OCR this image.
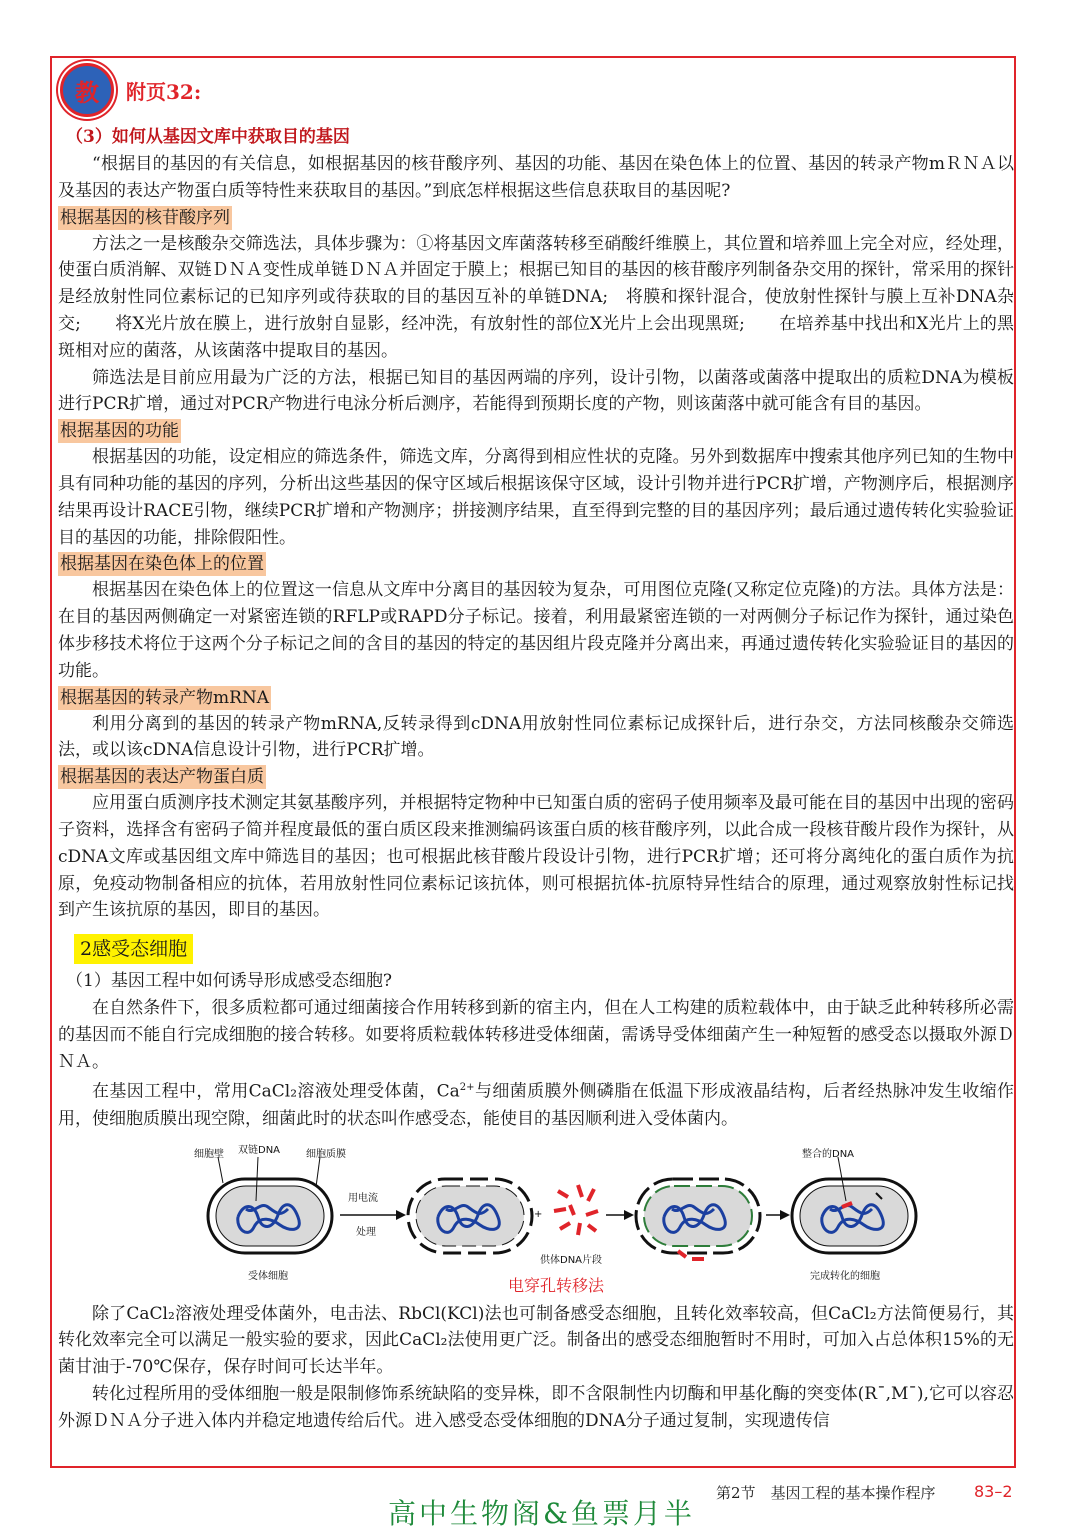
教 附页32:
（3）如何从基因文库中获取目的基因

“根据目的基因的有关信息，如根据基因的核苷酸序列、基因的功能、基因在染色体上的位置、基因的转录产物mＲＮＡ以及基因的表达产物蛋白质等特性来获取目的基因。”到底怎样根据这些信息获取目的基因呢?

根据基因的核苷酸序列

方法之一是核酸杂交筛选法，具体步骤为：①将基因文库菌落转移至硝酸纤维膜上，其位置和培养皿上完全对应，经处理，使蛋白质消解、双链ＤＮＡ变性成单链ＤＮＡ并固定于膜上；根据已知目的基因的核苷酸序列制备杂交用的探针，常采用的探针是经放射性同位素标记的已知序列或待获取的目的基因互补的单链DNA;　将膜和探针混合，使放射性探针与膜上互补DNA杂交;　　将X光片放在膜上，进行放射自显影，经冲洗，有放射性的部位X光片上会出现黑斑;　　在培养基中找出和X光片上的黑斑相对应的菌落，从该菌落中提取目的基因。

筛选法是目前应用最为广泛的方法，根据已知目的基因两端的序列，设计引物，以菌落或菌落中提取出的质粒DNA为模板进行PCR扩增，通过对PCR产物进行电泳分析后测序，若能得到预期长度的产物，则该菌落中就可能含有目的基因。

根据基因的功能

根据基因的功能，设定相应的筛选条件，筛选文库，分离得到相应性状的克隆。另外到数据库中搜索其他序列已知的生物中具有同种功能的基因的序列，分析出这些基因的保守区域后根据该保守区域，设计引物并进行PCR扩增，产物测序后，根据测序结果再设计RACE引物，继续PCR扩增和产物测序；拼接测序结果，直至得到完整的目的基因序列；最后通过遗传转化实验验证目的基因的功能，排除假阳性。

根据基因在染色体上的位置

根据基因在染色体上的位置这一信息从文库中分离目的基因较为复杂，可用图位克隆(又称定位克隆)的方法。具体方法是：在目的基因两侧确定一对紧密连锁的RFLP或RAPD分子标记。接着，利用最紧密连锁的一对两侧分子标记作为探针，通过染色体步移技术将位于这两个分子标记之间的含目的基因的特定的基因组片段克隆并分离出来，再通过遗传转化实验验证目的基因的功能。

根据基因的转录产物mRNA

利用分离到的基因的转录产物mRNA,反转录得到cDNA用放射性同位素标记成探针后，进行杂交，方法同核酸杂交筛选法，或以该cDNA信息设计引物，进行PCR扩增。

根据基因的表达产物蛋白质

应用蛋白质测序技术测定其氨基酸序列，并根据特定物种中已知蛋白质的密码子使用频率及最可能在目的基因中出现的密码子资料，选择含有密码子简并程度最低的蛋白质区段来推测编码该蛋白质的核苷酸序列，以此合成一段核苷酸片段作为探针，从cDNA文库或基因组文库中筛选目的基因；也可根据此核苷酸片段设计引物，进行PCR扩增；还可将分离纯化的蛋白质作为抗原，免疫动物制备相应的抗体，若用放射性同位素标记该抗体，则可根据抗体-抗原特异性结合的原理，通过观察放射性标记找到产生该抗原的基因，即目的基因。

2感受态细胞
（1）基因工程中如何诱导形成感受态细胞?

在自然条件下，很多质粒都可通过细菌接合作用转移到新的宿主内，但在人工构建的质粒载体中，由于缺乏此种转移所必需的基因而不能自行完成细胞的接合转移。如要将质粒载体转移进受体细菌，需诱导受体细菌产生一种短暂的感受态以摄取外源ＤＮＡ。

在基因工程中，常用CaCl₂溶液处理受体菌，$Ca^{2+}$与细菌质膜外侧磷脂在低温下形成液晶结构，后者经热脉冲发生收缩作用，使细胞质膜出现空隙，细菌此时的状态叫作感受态，能使目的基因顺利进入受体菌内。

细胞壁 双链DNA	细胞质膜	整合的DNA
用电流
处理
+
供体DNA片段
受体细胞	完成转化的细胞
电穿孔转移法

除了CaCl₂溶液处理受体菌外，电击法、RbCl(KCl)法也可制备感受态细胞，且转化效率较高，但CaCl₂方法简便易行，其转化效率完全可以满足一般实验的要求，因此CaCl₂法使用更广泛。制备出的感受态细胞暂时不用时，可加入占总体积15%的无菌甘油于-70℃保存，保存时间可长达半年。

转化过程所用的受体细胞一般是限制修饰系统缺陷的变异株，即不含限制性内切酶和甲基化酶的突变体(Rˉ,Mˉ),它可以容忍外源ＤＮＡ分子进入体内并稳定地遗传给后代。进入感受态受体细胞的DNA分子通过复制，实现遗传信

高中生物阁&鱼票月半
第2节　基因工程的基本操作程序 83–2
